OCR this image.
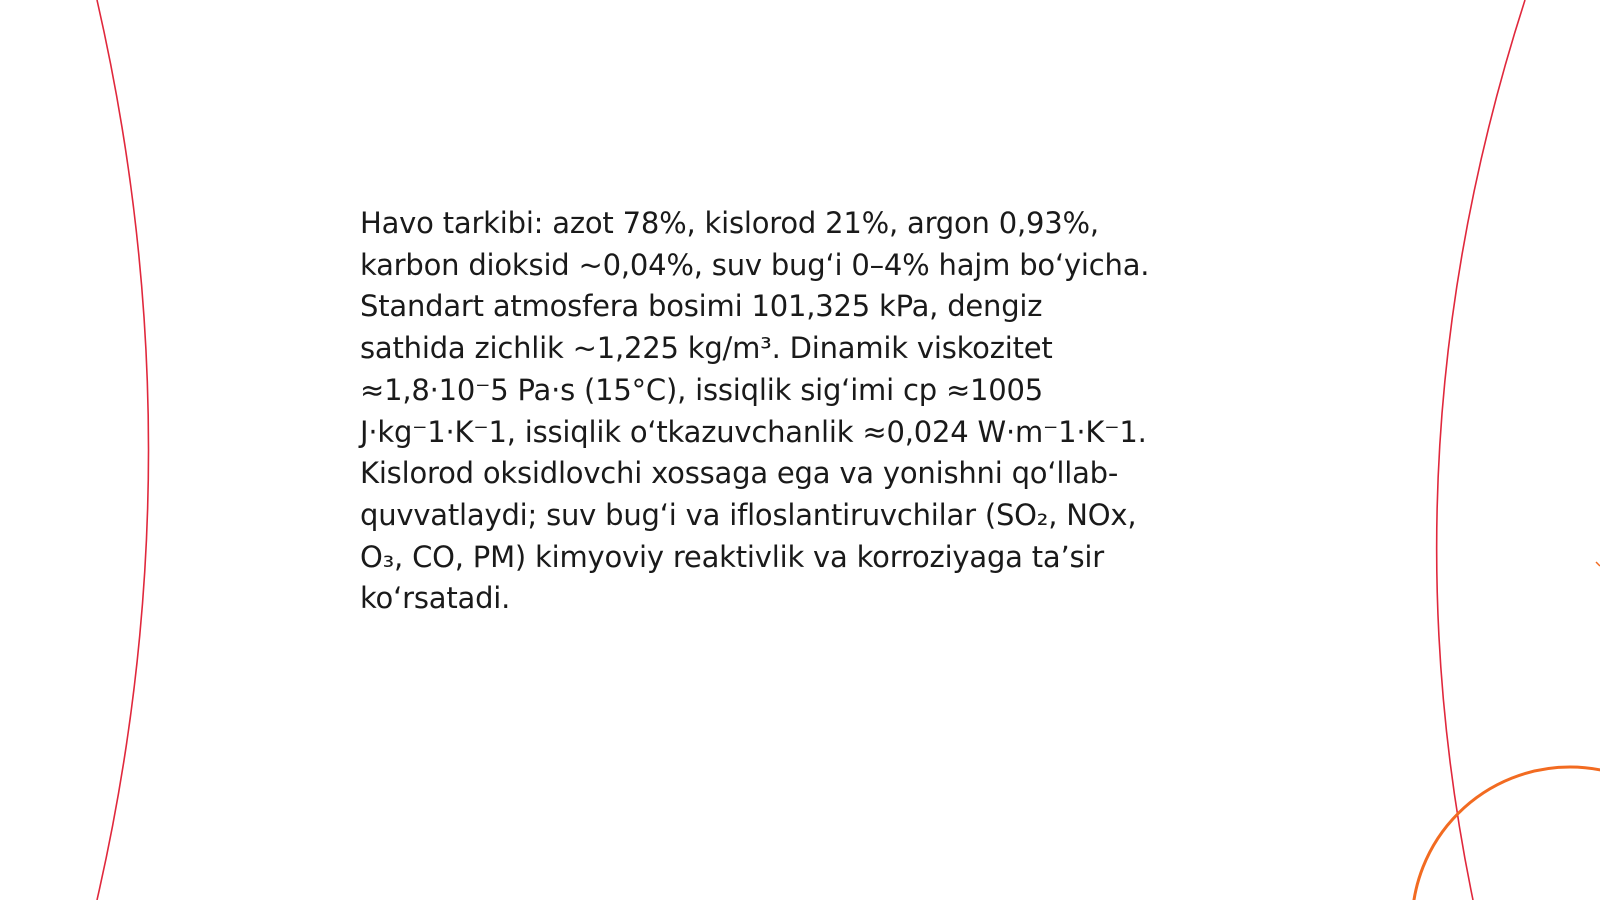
Havo tarkibi: azot 78%, kislorod 21%, argon 0,93%,
karbon dioksid ~0,04%, suv bugʻi 0–4% hajm boʻyicha.
Standart atmosfera bosimi 101,325 kPa, dengiz
sathida zichlik ~1,225 kg/m³. Dinamik viskozitet
≈1,8·10⁻5 Pa·s (15°C), issiqlik sigʻimi cp ≈1005
J·kg⁻1·K⁻1, issiqlik oʻtkazuvchanlik ≈0,024 W·m⁻1·K⁻1.
Kislorod oksidlovchi xossaga ega va yonishni qoʻllab-
quvvatlaydi; suv bugʻi va ifloslantiruvchilar (SO₂, NOx,
O₃, CO, PM) kimyoviy reaktivlik va korroziyaga taʼsir
koʻrsatadi.
